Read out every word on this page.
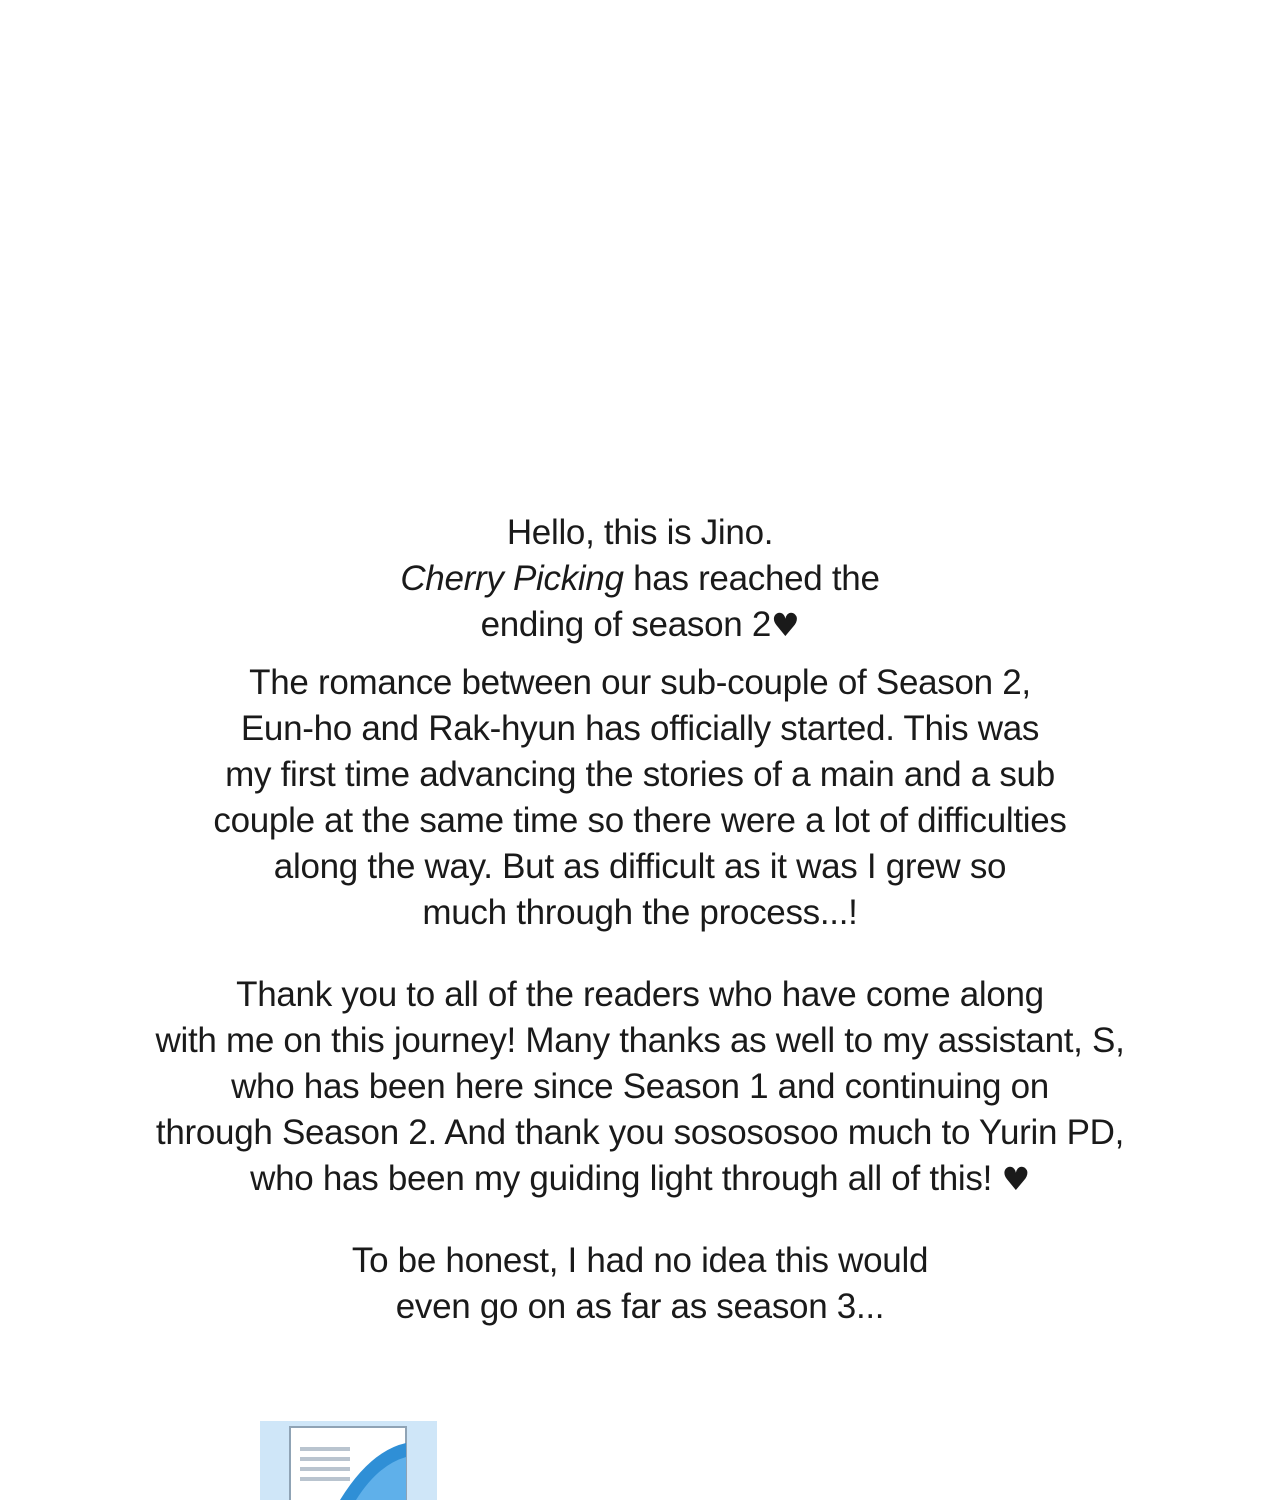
Hello, this is Jino.
Cherry Picking has reached the
ending of season 2♥

The romance between our sub-couple of Season 2,
Eun-ho and Rak-hyun has officially started. This was
my first time advancing the stories of a main and a sub
couple at the same time so there were a lot of difficulties
along the way. But as difficult as it was I grew so
much through the process...!

Thank you to all of the readers who have come along
with me on this journey! Many thanks as well to my assistant, S,
who has been here since Season 1 and continuing on
through Season 2. And thank you sosososoo much to Yurin PD,
who has been my guiding light through all of this! ♥

To be honest, I had no idea this would
even go on as far as season 3...
